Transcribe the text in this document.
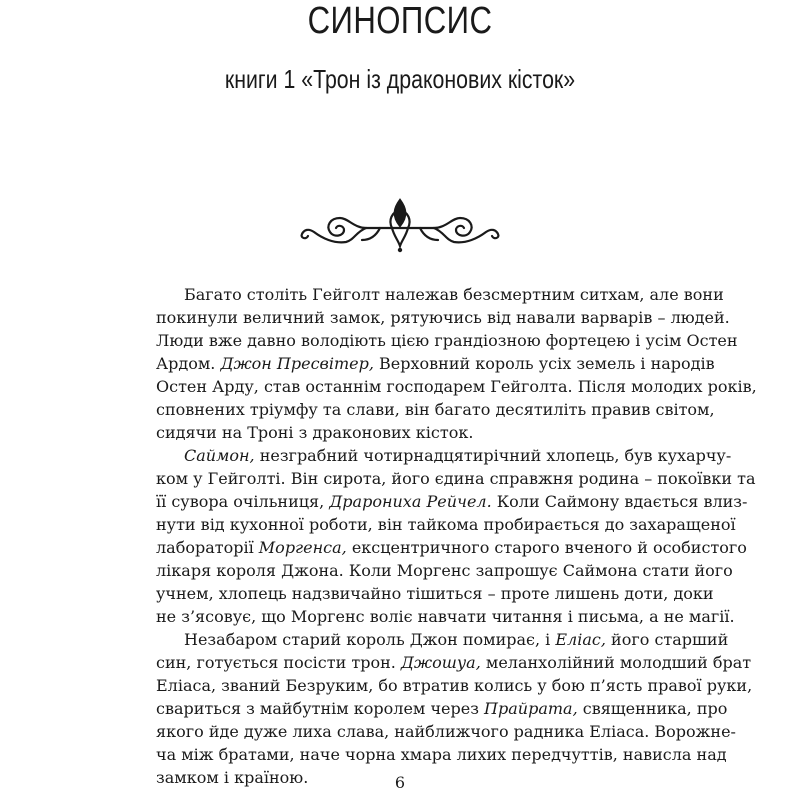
СИНОПСИС
книги 1 «Трон із драконових кісток»
Багато століть Гейголт належав безсмертним ситхам, але вони
покинули величний замок, рятуючись від навали варварів – людей.
Люди вже давно володіють цією грандіозною фортецею і усім Остен
Ардом. Джон Пресвітер, Верховний король усіх земель і народів
Остен Арду, став останнім господарем Гейголта. Після молодих років,
сповнених тріумфу та слави, він багато десятиліть правив світом,
сидячи на Троні з драконових кісток.
Саймон, незграбний чотирнадцятирічний хлопець, був кухарчу-
ком у Гейголті. Він сирота, його єдина справжня родина – покоївки та
її сувора очільниця, Драрониха Рейчел. Коли Саймону вдається влиз-
нути від кухонної роботи, він тайкома пробирається до захаращеної
лабораторії Моргенса, ексцентричного старого вченого й особистого
лікаря короля Джона. Коли Моргенс запрошує Саймона стати його
учнем, хлопець надзвичайно тішиться – проте лишень доти, доки
не з’ясовує, що Моргенс воліє навчати читання і письма, а не магії.
Незабаром старий король Джон помирає, і Еліас, його старший
син, готується посісти трон. Джошуа, меланхолійний молодший брат
Еліаса, званий Безруким, бо втратив колись у бою п’ясть правої руки,
свариться з майбутнім королем через Прайрата, священника, про
якого йде дуже лиха слава, найближчого радника Еліаса. Ворожне-
ча між братами, наче чорна хмара лихих передчуттів, нависла над
замком і країною.	6
